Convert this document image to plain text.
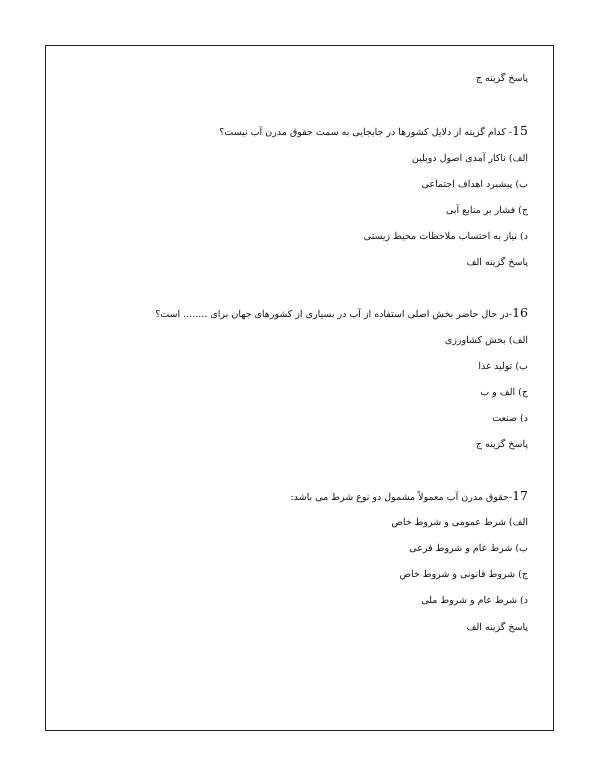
پاسخ گزینه ج
15- کدام گزینه از دلایل کشورها در جابجایی به سمت حقوق مدرن آب نیست؟
الف) ناکار آمدی اصول دوبلین
ب) پیشبرد اهداف اجتماعی
ج) فشار بر منابع آبی
د) نیاز به احتساب ملاحظات محیط زیستی
پاسخ گزینه الف
16-در حال حاضر بخش اصلی استفاده از آب در بسیاری از کشورهای جهان برای ........ است؟
الف) بخش کشاورزی
ب) تولید غذا
ج) الف و ب
د) صنعت
پاسخ گزینه ج
17-حقوق مدرن آب معمولاً مشمول دو نوع شرط می باشد:
الف) شرط عمومی و شروط خاص
ب) شرط عام و شروط فرعی
ج) شروط قانونی و شروط خاص
د) شرط عام و شروط ملی
پاسخ گزینه الف
